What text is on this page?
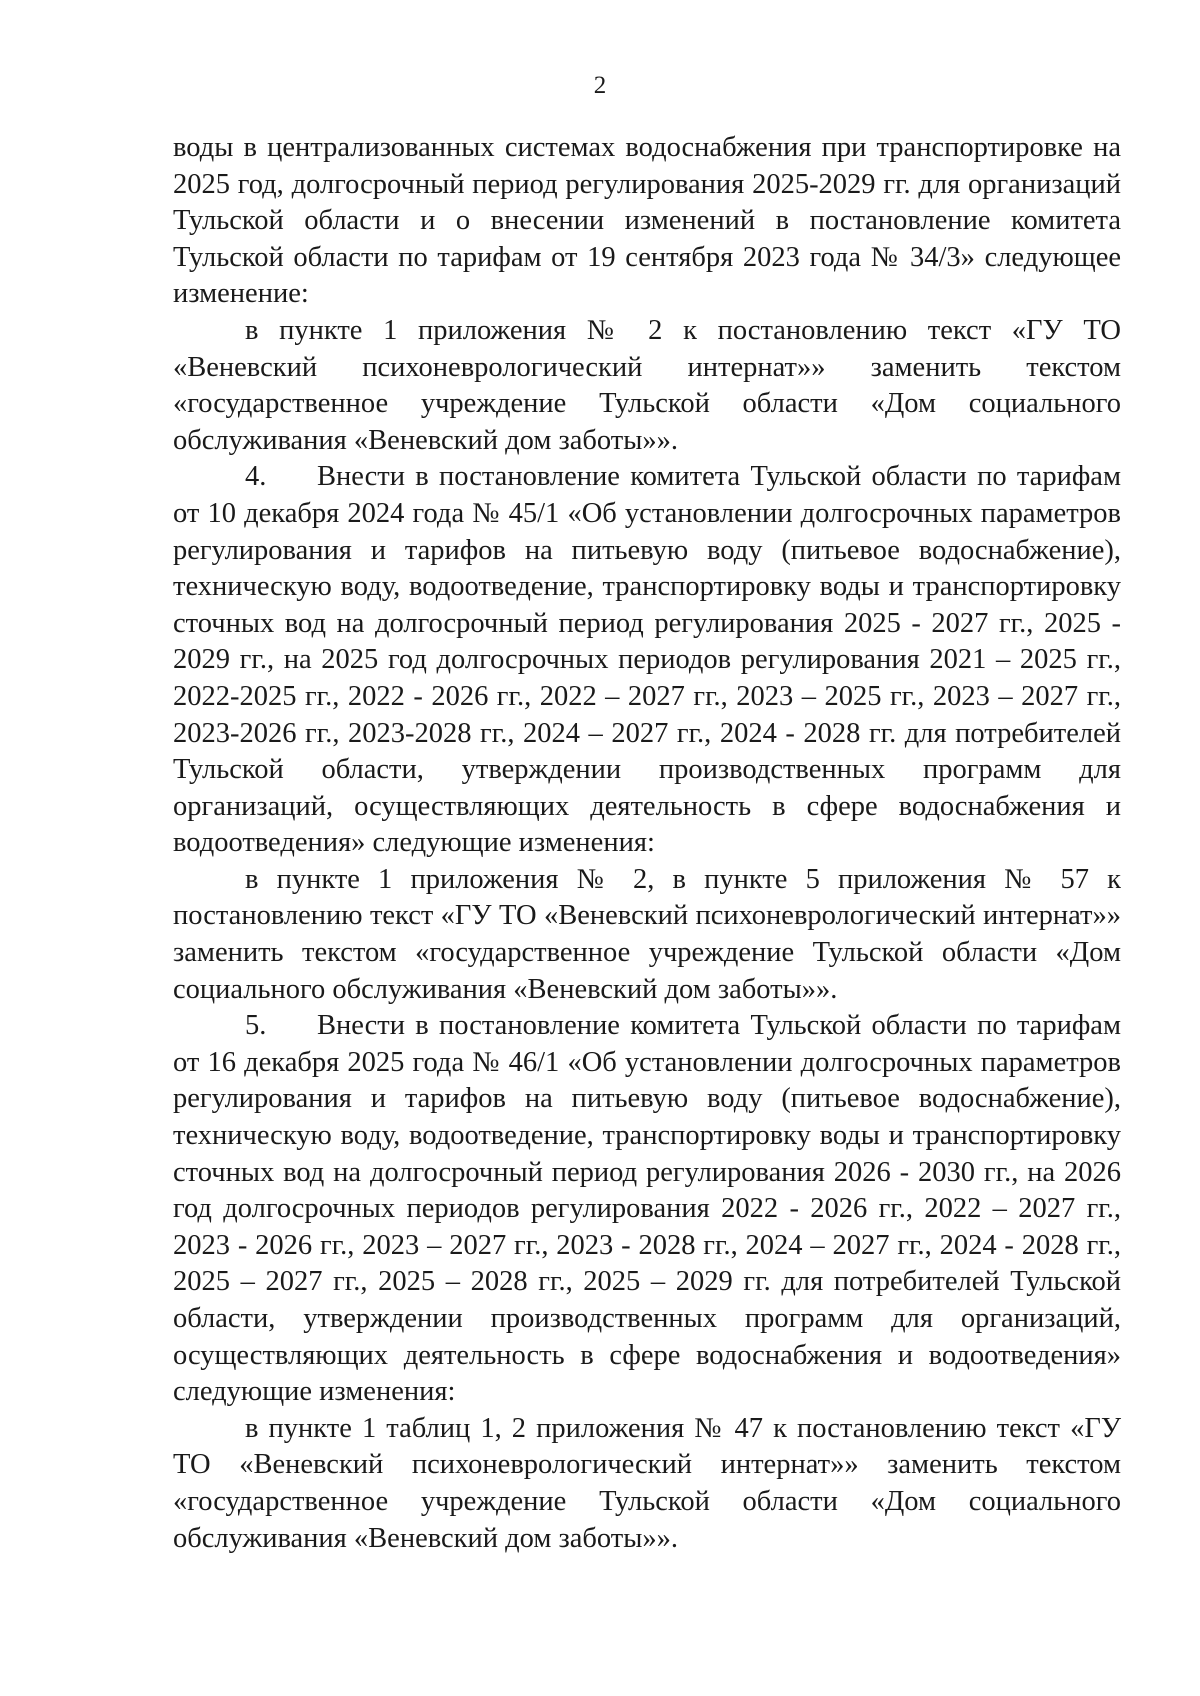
2

воды в централизованных системах водоснабжения при транспортировке на 2025 год, долгосрочный период регулирования 2025-2029 гг. для организаций Тульской области и о внесении изменений в постановление комитета Тульской области по тарифам от 19 сентября 2023 года № 34/3» следующее изменение:

в пункте 1 приложения № 2 к постановлению текст «ГУ ТО «Веневский психоневрологический интернат»» заменить текстом «государственное учреждение Тульской области «Дом социального обслуживания «Веневский дом заботы»».

4. Внести в постановление комитета Тульской области по тарифам от 10 декабря 2024 года № 45/1 «Об установлении долгосрочных параметров регулирования и тарифов на питьевую воду (питьевое водоснабжение), техническую воду, водоотведение, транспортировку воды и транспортировку сточных вод на долгосрочный период регулирования 2025 - 2027 гг., 2025 - 2029 гг., на 2025 год долгосрочных периодов регулирования 2021 – 2025 гг., 2022-2025 гг., 2022 - 2026 гг., 2022 – 2027 гг., 2023 – 2025 гг., 2023 – 2027 гг., 2023-2026 гг., 2023-2028 гг., 2024 – 2027 гг., 2024 - 2028 гг. для потребителей Тульской области, утверждении производственных программ для организаций, осуществляющих деятельность в сфере водоснабжения и водоотведения» следующие изменения:

в пункте 1 приложения № 2, в пункте 5 приложения № 57 к постановлению текст «ГУ ТО «Веневский психоневрологический интернат»» заменить текстом «государственное учреждение Тульской области «Дом социального обслуживания «Веневский дом заботы»».

5. Внести в постановление комитета Тульской области по тарифам от 16 декабря 2025 года № 46/1 «Об установлении долгосрочных параметров регулирования и тарифов на питьевую воду (питьевое водоснабжение), техническую воду, водоотведение, транспортировку воды и транспортировку сточных вод на долгосрочный период регулирования 2026 - 2030 гг., на 2026 год долгосрочных периодов регулирования 2022 - 2026 гг., 2022 – 2027 гг., 2023 - 2026 гг., 2023 – 2027 гг., 2023 - 2028 гг., 2024 – 2027 гг., 2024 - 2028 гг., 2025 – 2027 гг., 2025 – 2028 гг., 2025 – 2029 гг. для потребителей Тульской области, утверждении производственных программ для организаций, осуществляющих деятельность в сфере водоснабжения и водоотведения» следующие изменения:

в пункте 1 таблиц 1, 2 приложения № 47 к постановлению текст «ГУ ТО «Веневский психоневрологический интернат»» заменить текстом «государственное учреждение Тульской области «Дом социального обслуживания «Веневский дом заботы»».
